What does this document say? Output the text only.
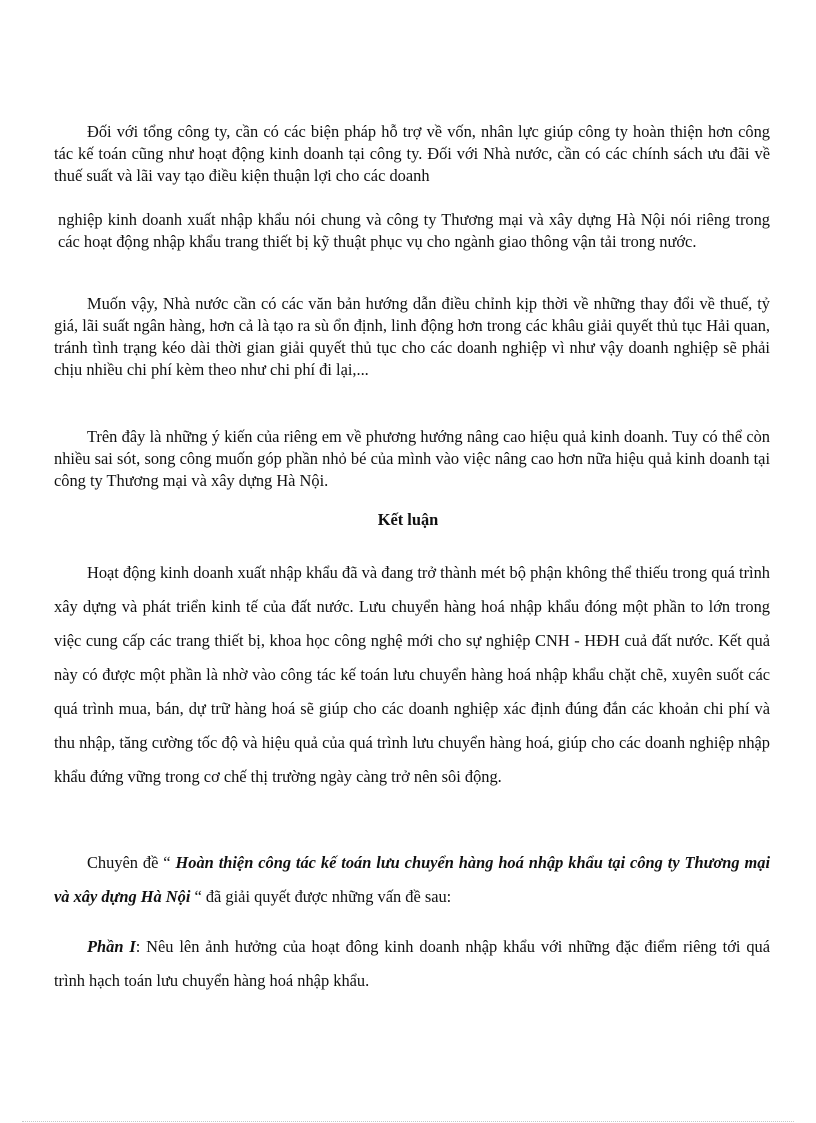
Đối với tổng công ty, cần có các biện pháp hỗ trợ về vốn, nhân lực giúp công ty hoàn thiện hơn công tác kế toán cũng như hoạt động kinh doanh tại công ty. Đối với Nhà nước, cần có các chính sách ưu đãi về thuế suất và lãi vay tạo điều kiện thuận lợi cho các doanh

nghiệp kinh doanh xuất nhập khẩu nói chung và công ty Thương mại và xây dựng Hà Nội nói riêng trong các hoạt động nhập khẩu trang thiết bị kỹ thuật phục vụ cho ngành giao thông vận tải trong nước.

Muốn vậy, Nhà nước cần có các văn bản hướng dẫn điều chỉnh kịp thời về những thay đổi về thuế, tỷ giá, lãi suất ngân hàng, hơn cả là tạo ra sù ổn định, linh động hơn trong các khâu giải quyết thủ tục Hải quan, tránh tình trạng kéo dài thời gian giải quyết thủ tục cho các doanh nghiệp vì như vậy doanh nghiệp sẽ phải chịu nhiều chi phí kèm theo như chi phí đi lại,...

Trên đây là những ý kiến của riêng em về phương hướng nâng cao hiệu quả kinh doanh. Tuy có thể còn nhiều sai sót, song công muốn góp phần nhỏ bé của mình vào việc nâng cao hơn nữa hiệu quả kinh doanh tại công ty Thương mại và xây dựng Hà Nội.

Kết luận

Hoạt động kinh doanh xuất nhập khẩu đã và đang trở thành mét bộ phận không thể thiếu trong quá trình xây dựng và phát triển kinh tế của đất nước. Lưu chuyển hàng hoá nhập khẩu đóng một phần to lớn trong việc cung cấp các trang thiết bị, khoa học công nghệ mới cho sự nghiệp CNH - HĐH cuả đất nước. Kết quả này có được một phần là nhờ vào công tác kế toán lưu chuyển hàng hoá nhập khẩu chặt chẽ, xuyên suốt các quá trình mua, bán, dự trữ hàng hoá sẽ giúp cho các doanh nghiệp xác định đúng đắn các khoản chi phí và thu nhập, tăng cường tốc độ và hiệu quả của quá trình lưu chuyển hàng hoá, giúp cho các doanh nghiệp nhập khẩu đứng vững trong cơ chế thị trường ngày càng trở nên sôi động.

Chuyên đề “ Hoàn thiện công tác kế toán lưu chuyển hàng hoá nhập khẩu tại công ty Thương mại và xây dựng Hà Nội “ đã giải quyết được những vấn đề sau:

Phần I: Nêu lên ảnh hưởng của hoạt đông kinh doanh nhập khẩu với những đặc điểm riêng tới quá trình hạch toán lưu chuyển hàng hoá nhập khẩu.
